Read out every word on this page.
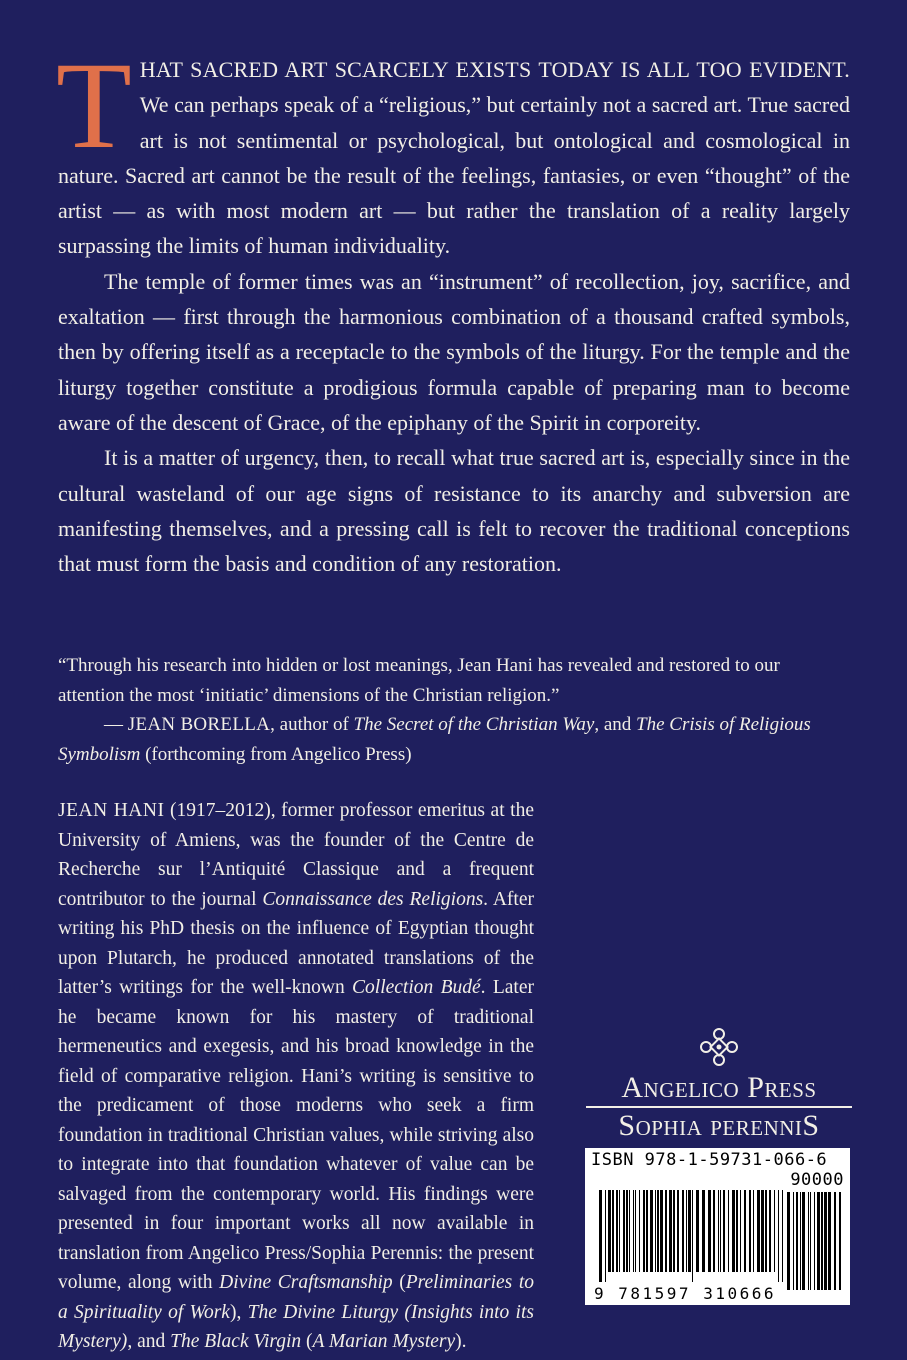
THAT SACRED ART SCARCELY EXISTS TODAY IS ALL TOO EVIDENT. We can perhaps speak of a “religious,” but certainly not a sacred art. True sacred art is not sentimental or psychological, but ontological and cosmological in nature. Sacred art cannot be the result of the feelings, fantasies, or even “thought” of the artist — as with most modern art — but rather the translation of a reality largely surpassing the limits of human individuality.

The temple of former times was an “instrument” of recollection, joy, sacrifice, and exaltation — first through the harmonious combination of a thousand crafted symbols, then by offering itself as a receptacle to the symbols of the liturgy. For the temple and the liturgy together constitute a prodigious formula capable of preparing man to become aware of the descent of Grace, of the epiphany of the Spirit in corporeity.

It is a matter of urgency, then, to recall what true sacred art is, especially since in the cultural wasteland of our age signs of resistance to its anarchy and subversion are manifesting themselves, and a pressing call is felt to recover the traditional conceptions that must form the basis and condition of any restoration.

“Through his research into hidden or lost meanings, Jean Hani has revealed and restored to our attention the most ‘initiatic’ dimensions of the Christian religion.”

— JEAN BORELLA, author of The Secret of the Christian Way, and The Crisis of Religious Symbolism (forthcoming from Angelico Press)

JEAN HANI (1917–2012), former professor emeritus at the University of Amiens, was the founder of the Centre de Recherche sur l’Antiquité Classique and a frequent contributor to the journal Connaissance des Religions. After writing his PhD thesis on the influence of Egyptian thought upon Plutarch, he produced annotated translations of the latter’s writings for the well-known Collection Budé. Later he became known for his mastery of traditional hermeneutics and exegesis, and his broad knowledge in the field of comparative religion. Hani’s writing is sensitive to the predicament of those moderns who seek a firm foundation in traditional Christian values, while striving also to integrate into that foundation whatever of value can be salvaged from the contemporary world. His findings were presented in four important works all now available in translation from Angelico Press/Sophia Perennis: the present volume, along with Divine Craftsmanship (Preliminaries to a Spirituality of Work), The Divine Liturgy (Insights into its Mystery), and The Black Virgin (A Marian Mystery).

Angelico Press
Sophia perenniS
ISBN 978-1-59731-066-6
90000
9 781597 310666
